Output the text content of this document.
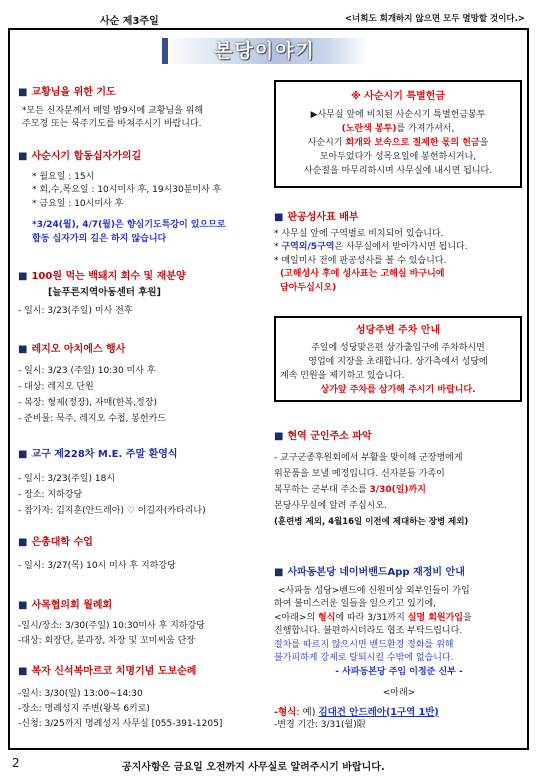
사순 제3주일	<너희도 회개하지 않으면 모두 멸망할 것이다.>
본당이야기

■ 교황님을 위한 기도

*모든 신자분께서 매일 밤9시에 교황님을 위해

주모경 또는 묵주기도를 바쳐주시기 바랍니다.

■ 사순시기 합동십자가의길

* 월요일 : 15시

* 회,수,목요일 : 10시미사 후, 19시30분미사 후

* 금요일 : 10시미사 후

*3/24(월), 4/7(월)은 향심기도특강이 있으므로

합동 십자가의 길은 하지 않습니다

■ 100원 먹는 백돼지 회수 및 재분양

[늘푸른지역아동센터 후원]

- 일시: 3/23(주일) 미사 전후

■ 레지오 아치에스 행사

- 일시: 3/23 (주일) 10:30 미사 후

- 대상: 레지오 단원

- 복장: 형제(정장), 자매(한복,정장)

- 준비물: 묵주, 레지오 수첩, 봉헌카드

■ 교구 제228차 M.E. 주말 환영식

- 일시: 3/23(주일) 18시

- 장소: 지하강당

- 참가자: 김지훈(안드레아) ♡ 이길자(카타리나)

■ 은총대학 수업

- 일시: 3/27(목) 10시 미사 후 지하강당

■ 사목협의회 월례회

-일시/장소: 3/30(주일) 10:30미사 후 지하강당

-대상: 회장단, 분과장, 차장 및 꼬미씨움 단장

■ 복자 신석복마르코 치명기념 도보순례

-일시: 3/30(일) 13:00~14:30

-장소: 명례성지 주변(왕복 6키로)

-신청: 3/25까지 명례성지 사무실 [055-391-1205]

※ 사순시기 특별헌금
▶사무실 앞에 비치된 사순시기 특별헌금봉투
(노란색 봉투)를 가져가셔서,
사순시기 회개와 보속으로 절제한 몫의 헌금을
모아두었다가 성목요일에 봉헌하시거나,
사순절을 마무리하시며 사무실에 내시면 됩니다.

■ 판공성사표 배부

* 사무실 앞에 구역별로 비치되어 있습니다.

* 구역외/5구역은 사무실에서 받아가시면 됩니다.

* 매일미사 전에 판공성사를 볼 수 있습니다.

(고해성사 후에 성사표는 고해실 바구니에

담아두십시오)

성당주변 주차 안내
주일에 성당맞은편 상가출입구에 주차하시면
영업에 지장을 초래합니다. 상가측에서 성당에
계속 민원을 제기하고 있습니다.
상가앞 주차를 삼가해 주시기 바랍니다.

■ 현역 군인주소 파악

- 교구군종후원회에서 부활을 맞이해 군장병에게

위문품을 보낼 예정입니다. 신자분들 가족이

복무하는 군부대 주소를 3/30(일)까지

본당사무실에 알려 주십시오.

(훈련병 제외, 4월16일 이전에 제대하는 장병 제외)

■ 사파동본당 네이버밴드App 재정비 안내

<사파동 성당>밴드에 신원미상 외부인들이 가입

하여 불미스러운 일들을 일으키고 있기에,

<아래>의 형식에 따라 3/31까지 실명 회원가입을

진행합니다. 불편하시더라도 협조 부탁드립니다.

절차를 따르지 않으시면 밴드환경 정화를 위해

불가피하게 강제로 탈퇴시킬 수밖에 없습니다.

- 사파동본당 주임 이정준 신부 -

<아래>

-형식: 예) 김대건 안드레아(1구역 1반)

-변경 기간: 3/31(월)限

2	공지사항은 금요일 오전까지 사무실로 알려주시기 바랍니다.
